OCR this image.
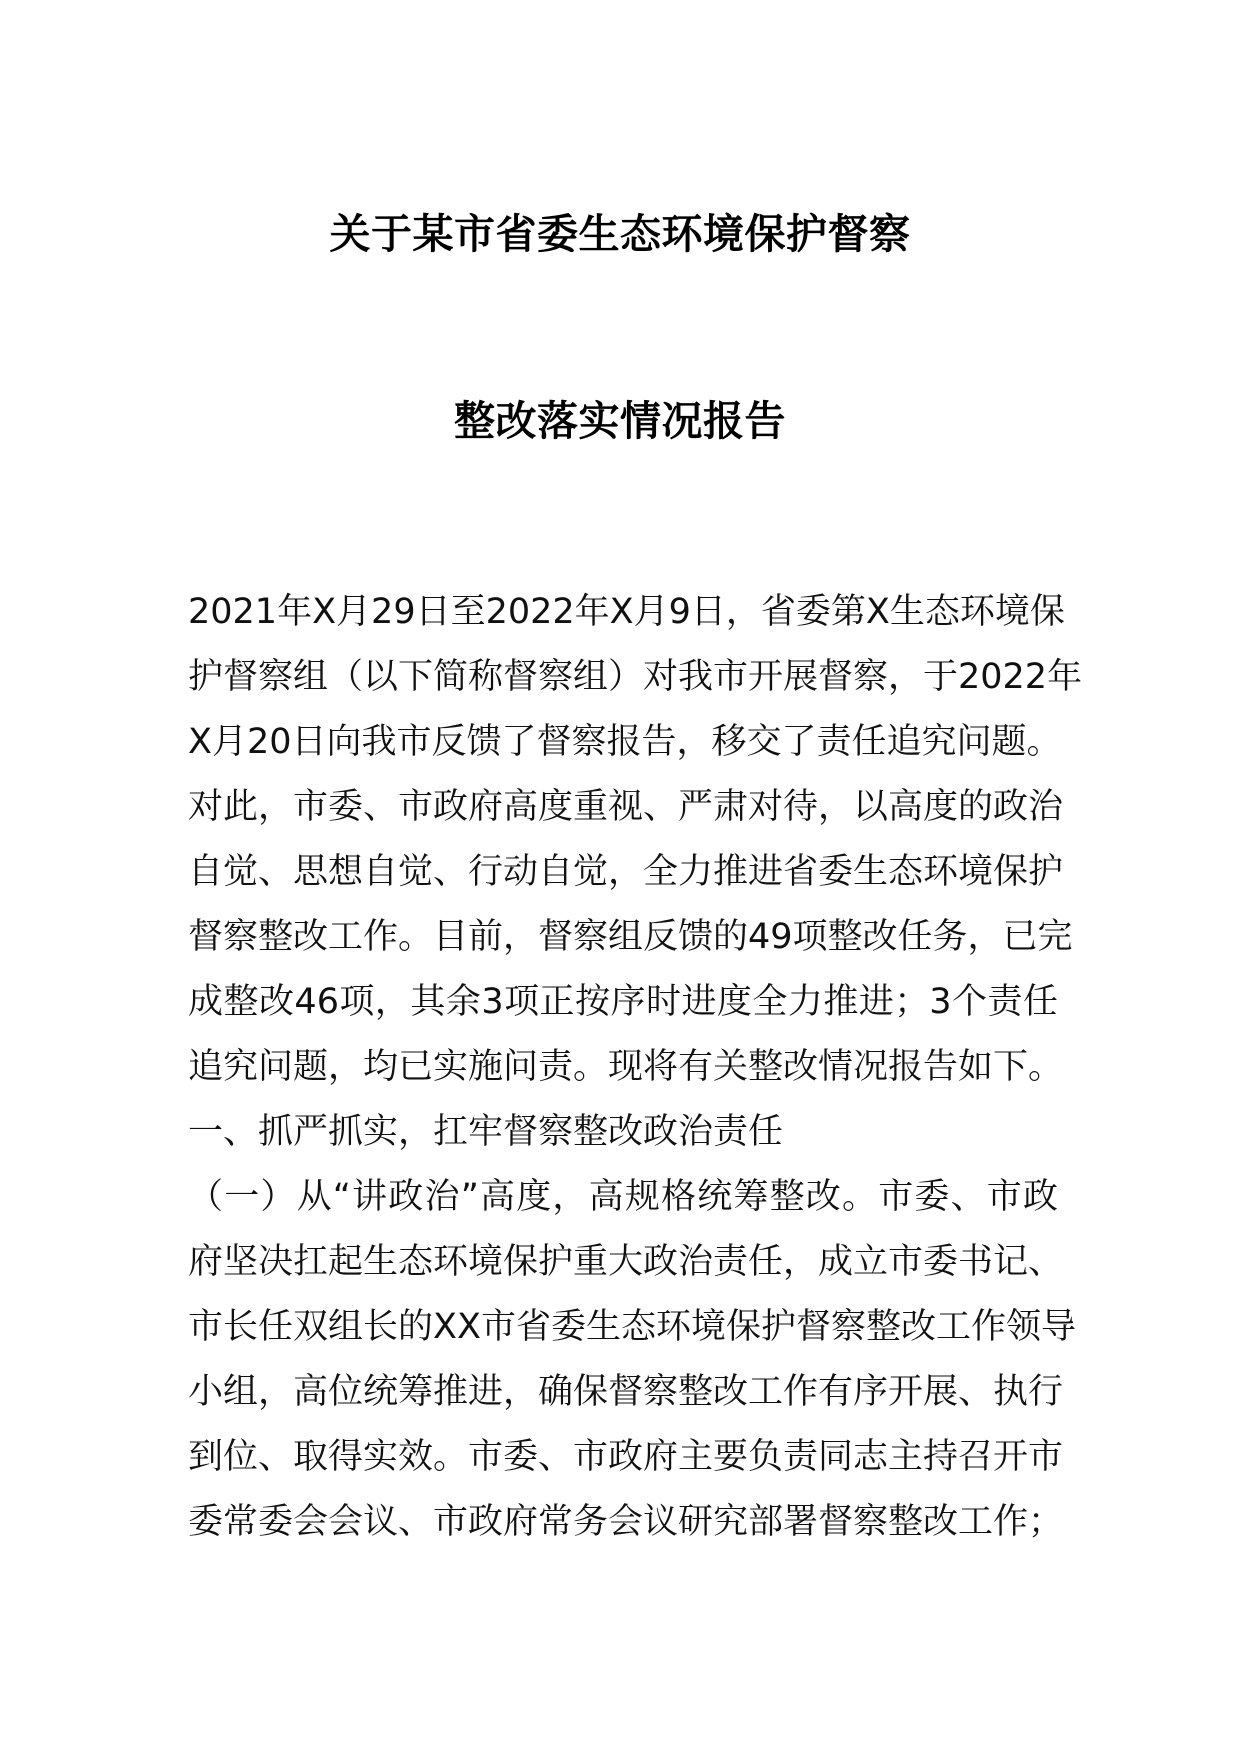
关于某市省委生态环境保护督察
整改落实情况报告
2021年X月29日至2022年X月9日，省委第X生态环境保
护督察组（以下简称督察组）对我市开展督察，于2022年
X月20日向我市反馈了督察报告，移交了责任追究问题。
对此，市委、市政府高度重视、严肃对待，以高度的政治
自觉、思想自觉、行动自觉，全力推进省委生态环境保护
督察整改工作。目前，督察组反馈的49项整改任务，已完
成整改46项，其余3项正按序时进度全力推进；3个责任
追究问题，均已实施问责。现将有关整改情况报告如下。
一、抓严抓实，扛牢督察整改政治责任
（一）从“讲政治”高度，高规格统筹整改。市委、市政
府坚决扛起生态环境保护重大政治责任，成立市委书记、
市长任双组长的XX市省委生态环境保护督察整改工作领导
小组，高位统筹推进，确保督察整改工作有序开展、执行
到位、取得实效。市委、市政府主要负责同志主持召开市
委常委会会议、市政府常务会议研究部署督察整改工作；
